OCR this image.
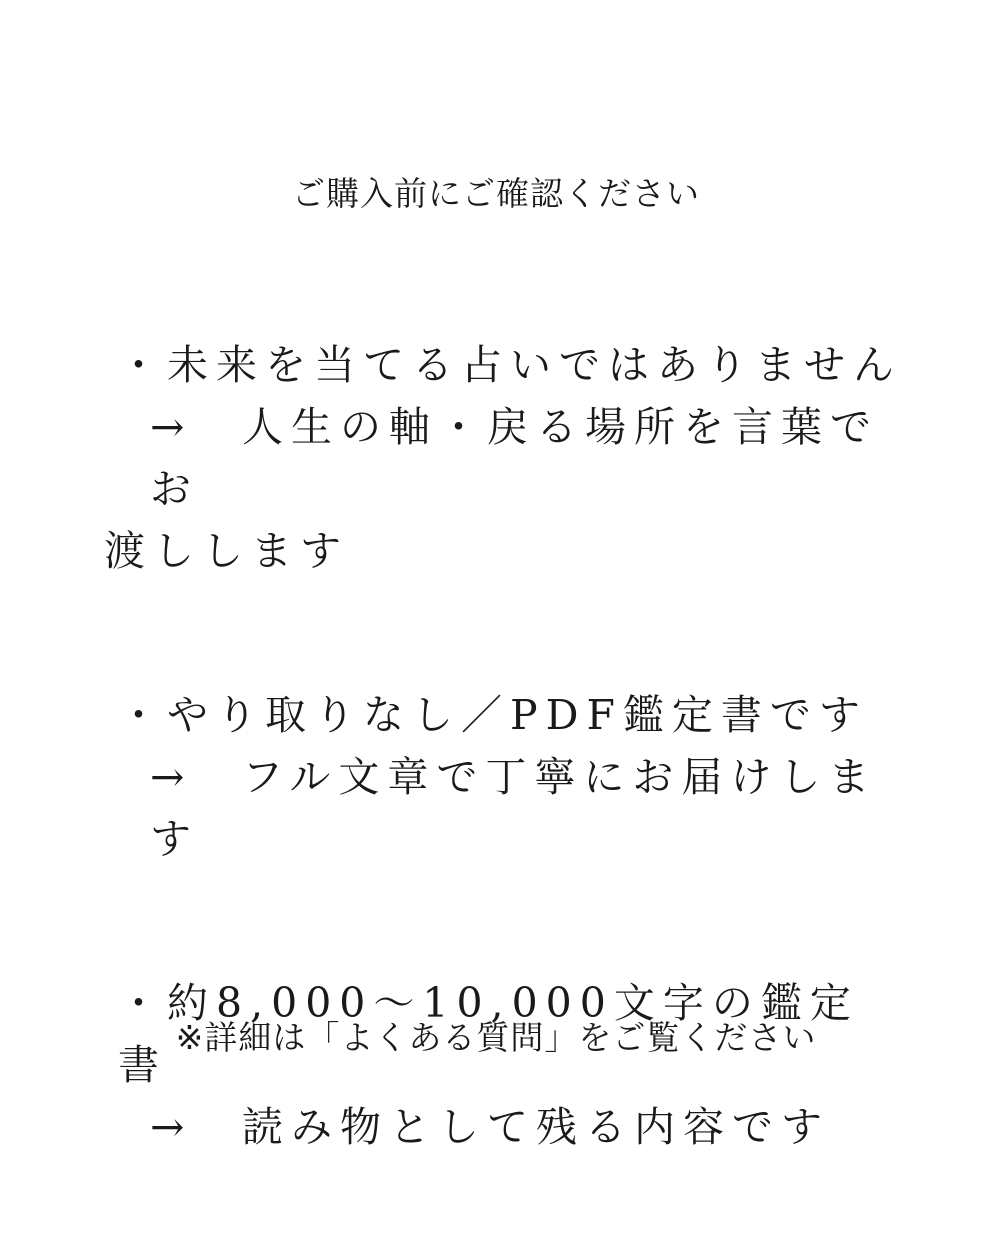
ご購入前にご確認ください

・未来を当てる占いではありません

→ 人生の軸・戻る場所を言葉でお

渡しします

・やり取りなし／PDF鑑定書です

→ フル文章で丁寧にお届けします

・約8,000〜10,000文字の鑑定書

→ 読み物として残る内容です

※詳細は「よくある質問」をご覧ください
